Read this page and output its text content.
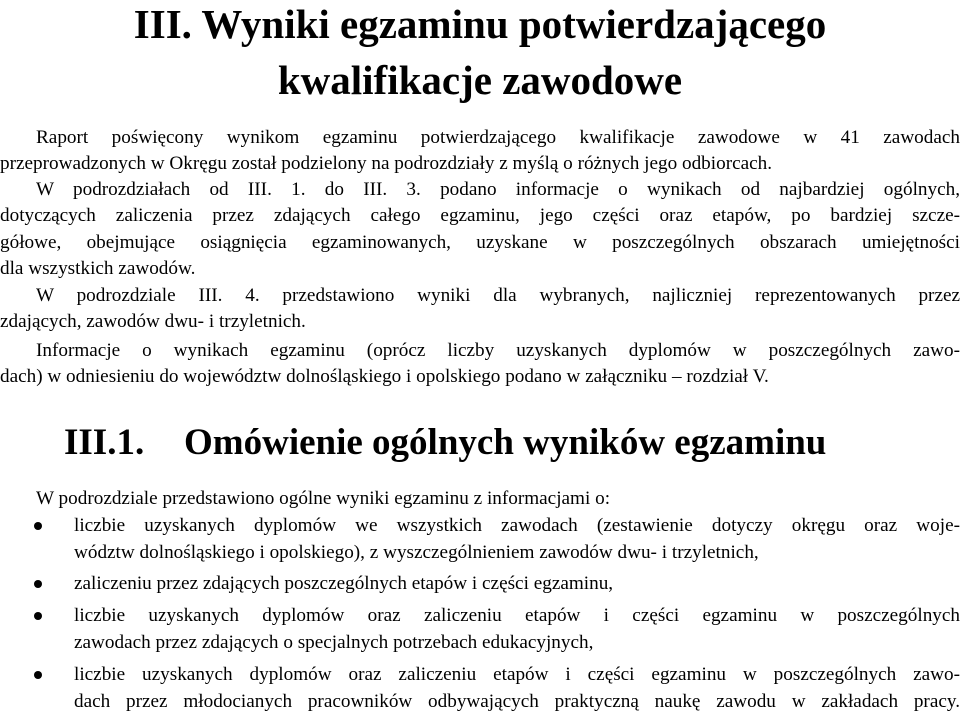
III. Wyniki egzaminu potwierdzającego
kwalifikacje zawodowe

Raport poświęcony wynikom egzaminu potwierdzającego kwalifikacje zawodowe w 41 zawodach
przeprowadzonych w Okręgu został podzielony na podrozdziały z myślą o różnych jego odbiorcach.

W podrozdziałach od III. 1. do III. 3. podano informacje o wynikach od najbardziej ogólnych,
dotyczących zaliczenia przez zdających całego egzaminu, jego części oraz etapów, po bardziej szcze-
gółowe, obejmujące osiągnięcia egzaminowanych, uzyskane w poszczególnych obszarach umiejętności
dla wszystkich zawodów.

W podrozdziale III. 4. przedstawiono wyniki dla wybranych, najliczniej reprezentowanych przez
zdających, zawodów dwu- i trzyletnich.

Informacje o wynikach egzaminu (oprócz liczby uzyskanych dyplomów w poszczególnych zawo-
dach) w odniesieniu do województw dolnośląskiego i opolskiego podano w załączniku – rozdział V.

III.1. Omówienie ogólnych wyników egzaminu

W podrozdziale przedstawiono ogólne wyniki egzaminu z informacjami o:

liczbie uzyskanych dyplomów we wszystkich zawodach (zestawienie dotyczy okręgu oraz woje-
wództw dolnośląskiego i opolskiego), z wyszczególnieniem zawodów dwu- i trzyletnich,
zaliczeniu przez zdających poszczególnych etapów i części egzaminu,
liczbie uzyskanych dyplomów oraz zaliczeniu etapów i części egzaminu w poszczególnych
zawodach przez zdających o specjalnych potrzebach edukacyjnych,
liczbie uzyskanych dyplomów oraz zaliczeniu etapów i części egzaminu w poszczególnych zawo-
dach przez młodocianych pracowników odbywających praktyczną naukę zawodu w zakładach pracy.
